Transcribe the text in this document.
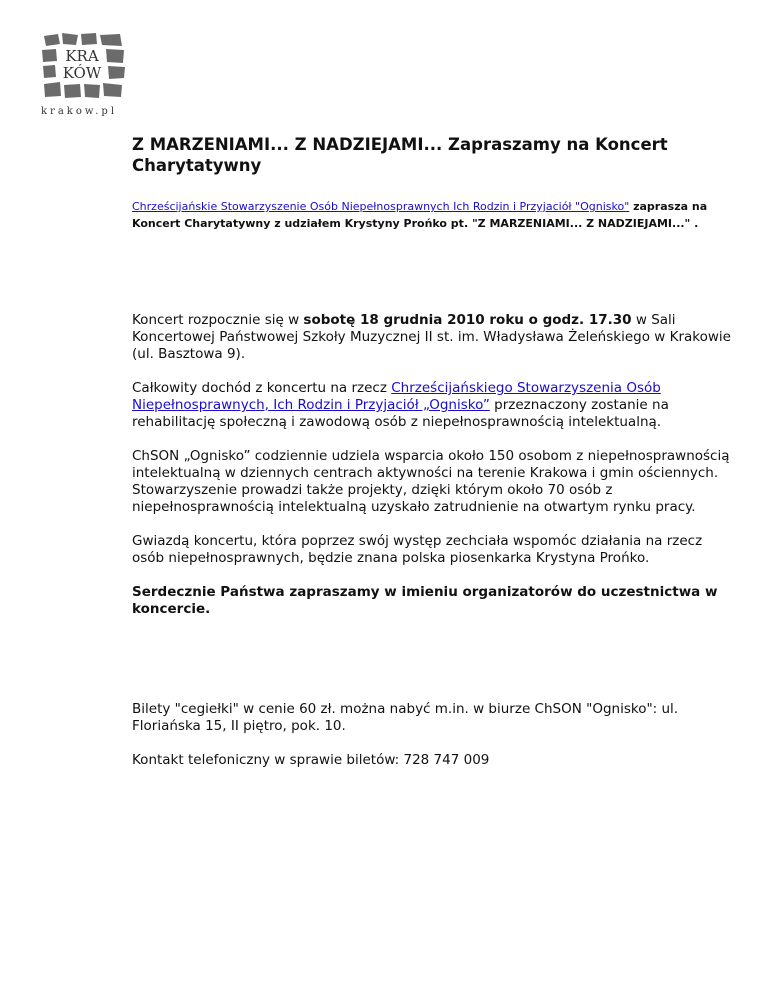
KRA
KÓW
krakow.pl
Z MARZENIAMI... Z NADZIEJAMI... Zapraszamy na Koncert Charytatywny

Chrześcijańskie Stowarzyszenie Osób Niepełnosprawnych Ich Rodzin i Przyjaciół "Ognisko" zaprasza na Koncert Charytatywny z udziałem Krystyny Prońko pt. "Z MARZENIAMI... Z NADZIEJAMI..." .

Koncert rozpocznie się w sobotę 18 grudnia 2010 roku o godz. 17.30 w Sali Koncertowej Państwowej Szkoły Muzycznej II st. im. Władysława Żeleńskiego w Krakowie (ul. Basztowa 9).

Całkowity dochód z koncertu na rzecz Chrześcijańskiego Stowarzyszenia Osób Niepełnosprawnych, Ich Rodzin i Przyjaciół „Ognisko” przeznaczony zostanie na rehabilitację społeczną i zawodową osób z niepełnosprawnością intelektualną.

ChSON „Ognisko” codziennie udziela wsparcia około 150 osobom z niepełnosprawnością intelektualną w dziennych centrach aktywności na terenie Krakowa i gmin ościennych.
Stowarzyszenie prowadzi także projekty, dzięki którym około 70 osób z niepełnosprawnością intelektualną uzyskało zatrudnienie na otwartym rynku pracy.

Gwiazdą koncertu, która poprzez swój występ zechciała wspomóc działania na rzecz osób niepełnosprawnych, będzie znana polska piosenkarka Krystyna Prońko.

Serdecznie Państwa zapraszamy w imieniu organizatorów do uczestnictwa w koncercie.

Bilety "cegiełki" w cenie 60 zł. można nabyć m.in. w biurze ChSON "Ognisko": ul. Floriańska 15, II piętro, pok. 10.

Kontakt telefoniczny w sprawie biletów: 728 747 009
